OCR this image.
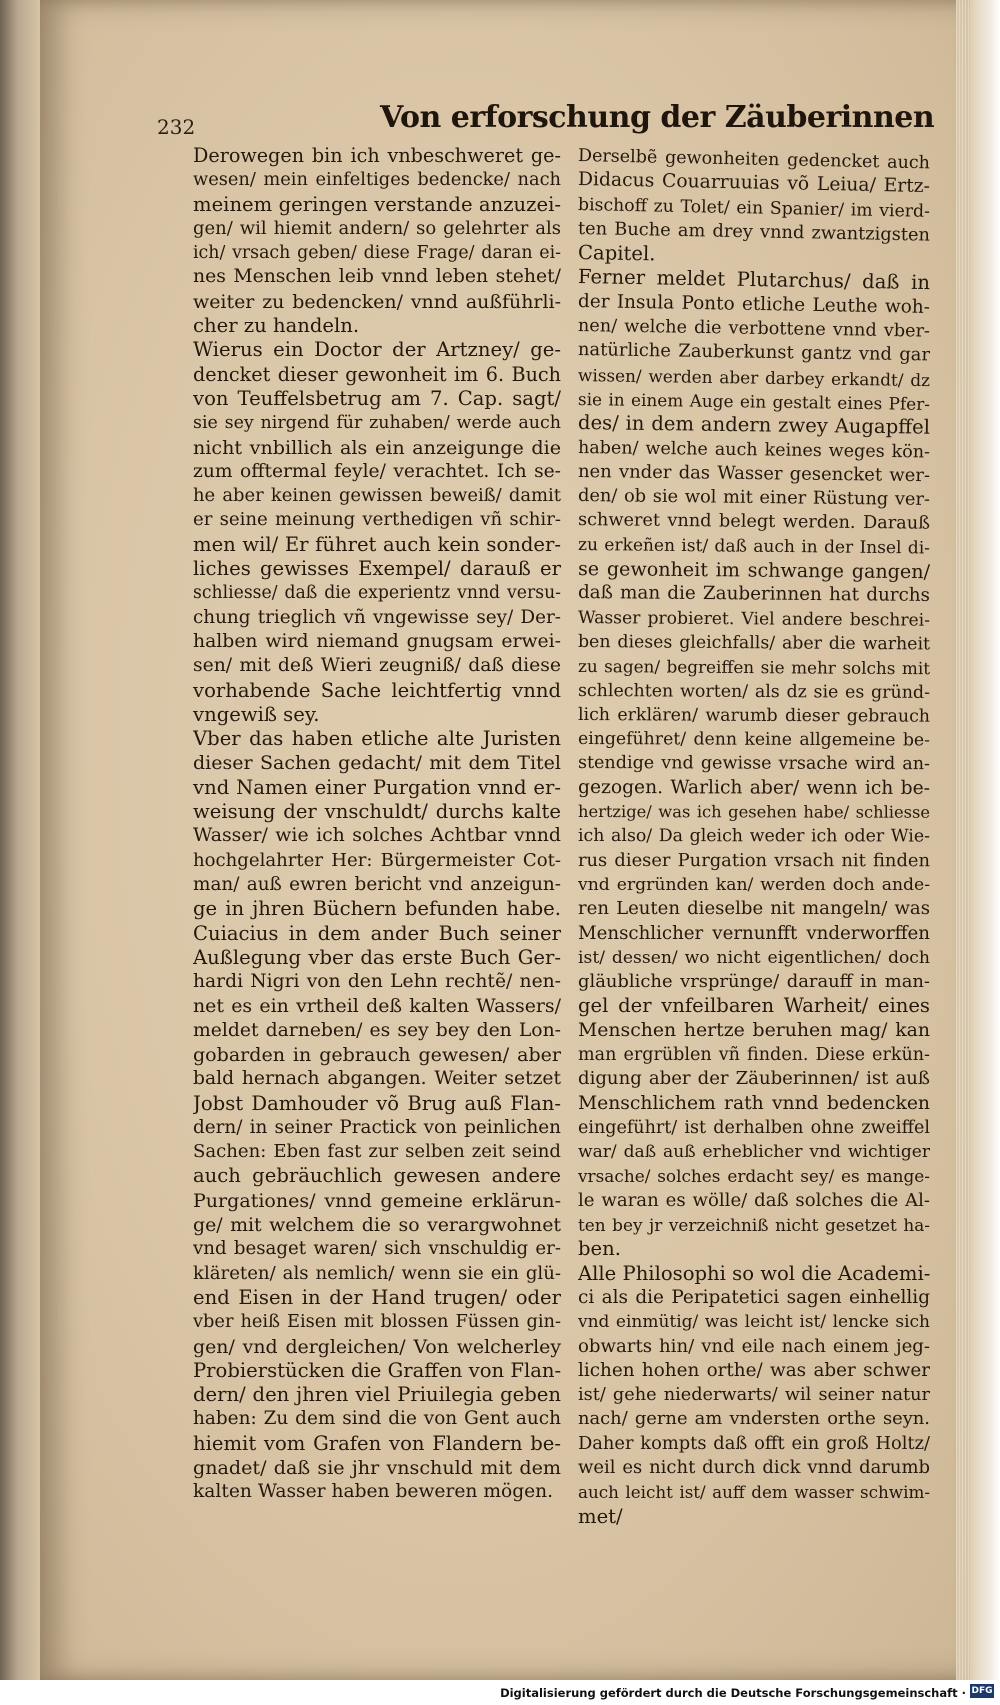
232	Von erforschung der Zäuberinnen
Derowegen bin ich vnbeschweret ge-
wesen/ mein einfeltiges bedencke/ nach
meinem geringen verstande anzuzei-
gen/ wil hiemit andern/ so gelehrter als
ich/ vrsach geben/ diese Frage/ daran ei-
nes Menschen leib vnnd leben stehet/
weiter zu bedencken/ vnnd außführli-
cher zu handeln.
Wierus ein Doctor der Artzney/ ge-
dencket dieser gewonheit im 6. Buch
von Teuffelsbetrug am 7. Cap. sagt/
sie sey nirgend für zuhaben/ werde auch
nicht vnbillich als ein anzeigunge die
zum offtermal feyle/ verachtet. Ich se-
he aber keinen gewissen beweiß/ damit
er seine meinung verthedigen vñ schir-
men wil/ Er führet auch kein sonder-
liches gewisses Exempel/ darauß er
schliesse/ daß die experientz vnnd versu-
chung trieglich vñ vngewisse sey/ Der-
halben wird niemand gnugsam erwei-
sen/ mit deß Wieri zeugniß/ daß diese
vorhabende Sache leichtfertig vnnd
vngewiß sey.
Vber das haben etliche alte Juristen
dieser Sachen gedacht/ mit dem Titel
vnd Namen einer Purgation vnnd er-
weisung der vnschuldt/ durchs kalte
Wasser/ wie ich solches Achtbar vnnd
hochgelahrter Her: Bürgermeister Cot-
man/ auß ewren bericht vnd anzeigun-
ge in jhren Büchern befunden habe.
Cuiacius in dem ander Buch seiner
Außlegung vber das erste Buch Ger-
hardi Nigri von den Lehn rechtẽ/ nen-
net es ein vrtheil deß kalten Wassers/
meldet darneben/ es sey bey den Lon-
gobarden in gebrauch gewesen/ aber
bald hernach abgangen. Weiter setzet
Jobst Damhouder võ Brug auß Flan-
dern/ in seiner Practick von peinlichen
Sachen: Eben fast zur selben zeit seind
auch gebräuchlich gewesen andere
Purgationes/ vnnd gemeine erklärun-
ge/ mit welchem die so verargwohnet
vnd besaget waren/ sich vnschuldig er-
kläreten/ als nemlich/ wenn sie ein glü-
end Eisen in der Hand trugen/ oder
vber heiß Eisen mit blossen Füssen gin-
gen/ vnd dergleichen/ Von welcherley
Probierstücken die Graffen von Flan-
dern/ den jhren viel Priuilegia geben
haben: Zu dem sind die von Gent auch
hiemit vom Grafen von Flandern be-
gnadet/ daß sie jhr vnschuld mit dem
kalten Wasser haben beweren mögen.
Derselbẽ gewonheiten gedencket auch
Didacus Couarruuias võ Leiua/ Ertz-
bischoff zu Tolet/ ein Spanier/ im vierd-
ten Buche am drey vnnd zwantzigsten
Capitel.
Ferner meldet Plutarchus/ daß in
der Insula Ponto etliche Leuthe woh-
nen/ welche die verbottene vnnd vber-
natürliche Zauberkunst gantz vnd gar
wissen/ werden aber darbey erkandt/ dz
sie in einem Auge ein gestalt eines Pfer-
des/ in dem andern zwey Augapffel
haben/ welche auch keines weges kön-
nen vnder das Wasser gesencket wer-
den/ ob sie wol mit einer Rüstung ver-
schweret vnnd belegt werden. Darauß
zu erkeñen ist/ daß auch in der Insel di-
se gewonheit im schwange gangen/
daß man die Zauberinnen hat durchs
Wasser probieret. Viel andere beschrei-
ben dieses gleichfalls/ aber die warheit
zu sagen/ begreiffen sie mehr solchs mit
schlechten worten/ als dz sie es gründ-
lich erklären/ warumb dieser gebrauch
eingeführet/ denn keine allgemeine be-
stendige vnd gewisse vrsache wird an-
gezogen. Warlich aber/ wenn ich be-
hertzige/ was ich gesehen habe/ schliesse
ich also/ Da gleich weder ich oder Wie-
rus dieser Purgation vrsach nit finden
vnd ergründen kan/ werden doch ande-
ren Leuten dieselbe nit mangeln/ was
Menschlicher vernunfft vnderworffen
ist/ dessen/ wo nicht eigentlichen/ doch
gläubliche vrsprünge/ darauff in man-
gel der vnfeilbaren Warheit/ eines
Menschen hertze beruhen mag/ kan
man ergrüblen vñ finden. Diese erkün-
digung aber der Zäuberinnen/ ist auß
Menschlichem rath vnnd bedencken
eingeführt/ ist derhalben ohne zweiffel
war/ daß auß erheblicher vnd wichtiger
vrsache/ solches erdacht sey/ es mange-
le waran es wölle/ daß solches die Al-
ten bey jr verzeichniß nicht gesetzet ha-
ben.
Alle Philosophi so wol die Academi-
ci als die Peripatetici sagen einhellig
vnd einmütig/ was leicht ist/ lencke sich
obwarts hin/ vnd eile nach einem jeg-
lichen hohen orthe/ was aber schwer
ist/ gehe niederwarts/ wil seiner natur
nach/ gerne am vndersten orthe seyn.
Daher kompts daß offt ein groß Holtz/
weil es nicht durch dick vnnd darumb
auch leicht ist/ auff dem wasser schwim-
met/
Digitalisierung gefördert durch die Deutsche Forschungsgemeinschaft · DFG
